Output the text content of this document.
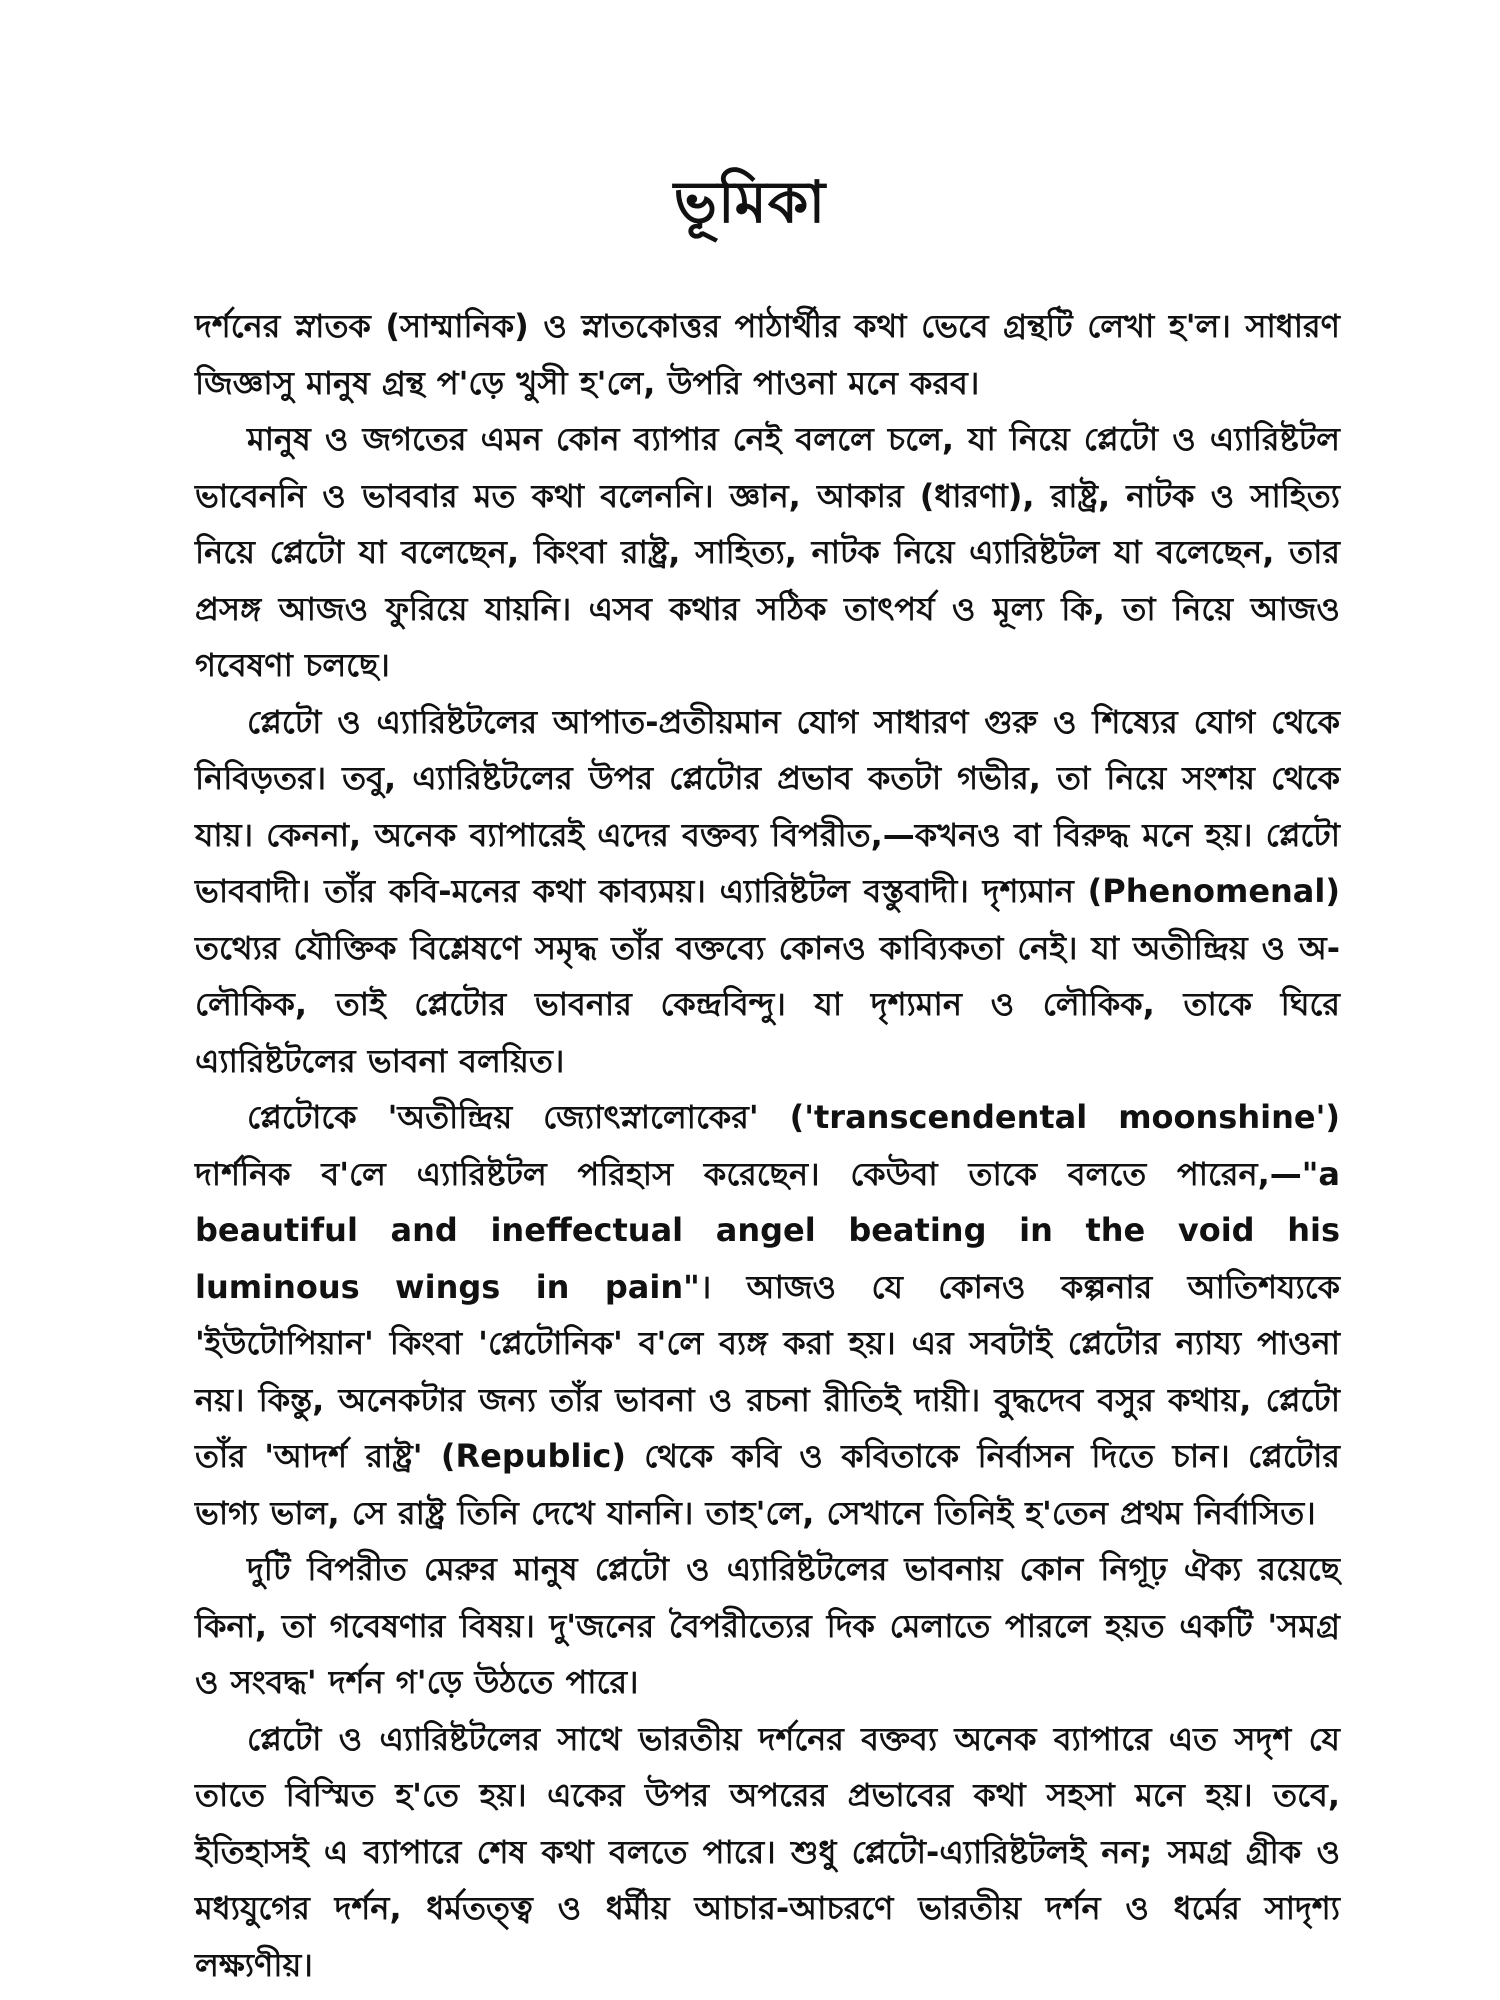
ভূমিকা

দর্শনের স্নাতক (সাম্মানিক) ও স্নাতকোত্তর পাঠার্থীর কথা ভেবে গ্রন্থটি লেখা হ'ল। সাধারণ জিজ্ঞাসু মানুষ গ্রন্থ প'ড়ে খুসী হ'লে, উপরি পাওনা মনে করব।

মানুষ ও জগতের এমন কোন ব্যাপার নেই বললে চলে, যা নিয়ে প্লেটো ও এ্যারিষ্টটল ভাবেননি ও ভাববার মত কথা বলেননি। জ্ঞান, আকার (ধারণা), রাষ্ট্র, নাটক ও সাহিত্য নিয়ে প্লেটো যা বলেছেন, কিংবা রাষ্ট্র, সাহিত্য, নাটক নিয়ে এ্যারিষ্টটল যা বলেছেন, তার প্রসঙ্গ আজও ফুরিয়ে যায়নি। এসব কথার সঠিক তাৎপর্য ও মূল্য কি, তা নিয়ে আজও গবেষণা চলছে।

প্লেটো ও এ্যারিষ্টটলের আপাত-প্রতীয়মান যোগ সাধারণ গুরু ও শিষ্যের যোগ থেকে নিবিড়তর। তবু, এ্যারিষ্টটলের উপর প্লেটোর প্রভাব কতটা গভীর, তা নিয়ে সংশয় থেকে যায়। কেননা, অনেক ব্যাপারেই এদের বক্তব্য বিপরীত,—কখনও বা বিরুদ্ধ মনে হয়। প্লেটো ভাববাদী। তাঁর কবি-মনের কথা কাব্যময়। এ্যারিষ্টটল বস্তুবাদী। দৃশ্যমান (Phenomenal) তথ্যের যৌক্তিক বিশ্লেষণে সমৃদ্ধ তাঁর বক্তব্যে কোনও কাব্যিকতা নেই। যা অতীন্দ্রিয় ও অ-লৌকিক, তাই প্লেটোর ভাবনার কেন্দ্রবিন্দু। যা দৃশ্যমান ও লৌকিক, তাকে ঘিরে এ্যারিষ্টটলের ভাবনা বলয়িত।

প্লেটোকে 'অতীন্দ্রিয় জ্যোৎস্নালোকের' ('transcendental moonshine') দার্শনিক ব'লে এ্যারিষ্টটল পরিহাস করেছেন। কেউবা তাকে বলতে পারেন,—"a beautiful and ineffectual angel beating in the void his luminous wings in pain"। আজও যে কোনও কল্পনার আতিশয্যকে 'ইউটোপিয়ান' কিংবা 'প্লেটোনিক' ব'লে ব্যঙ্গ করা হয়। এর সবটাই প্লেটোর ন্যায্য পাওনা নয়। কিন্তু, অনেকটার জন্য তাঁর ভাবনা ও রচনা রীতিই দায়ী। বুদ্ধদেব বসুর কথায়, প্লেটো তাঁর 'আদর্শ রাষ্ট্র' (Republic) থেকে কবি ও কবিতাকে নির্বাসন দিতে চান। প্লেটোর ভাগ্য ভাল, সে রাষ্ট্র তিনি দেখে যাননি। তাহ'লে, সেখানে তিনিই হ'তেন প্রথম নির্বাসিত।

দুটি বিপরীত মেরুর মানুষ প্লেটো ও এ্যারিষ্টটলের ভাবনায় কোন নিগূঢ় ঐক্য রয়েছে কিনা, তা গবেষণার বিষয়। দু'জনের বৈপরীত্যের দিক মেলাতে পারলে হয়ত একটি 'সমগ্র ও সংবদ্ধ' দর্শন গ'ড়ে উঠতে পারে।

প্লেটো ও এ্যারিষ্টটলের সাথে ভারতীয় দর্শনের বক্তব্য অনেক ব্যাপারে এত সদৃশ যে তাতে বিস্মিত হ'তে হয়। একের উপর অপরের প্রভাবের কথা সহসা মনে হয়। তবে, ইতিহাসই এ ব্যাপারে শেষ কথা বলতে পারে। শুধু প্লেটো-এ্যারিষ্টটলই নন; সমগ্র গ্রীক ও মধ্যযুগের দর্শন, ধর্মতত্ত্ব ও ধর্মীয় আচার-আচরণে ভারতীয় দর্শন ও ধর্মের সাদৃশ্য লক্ষ্যণীয়।
